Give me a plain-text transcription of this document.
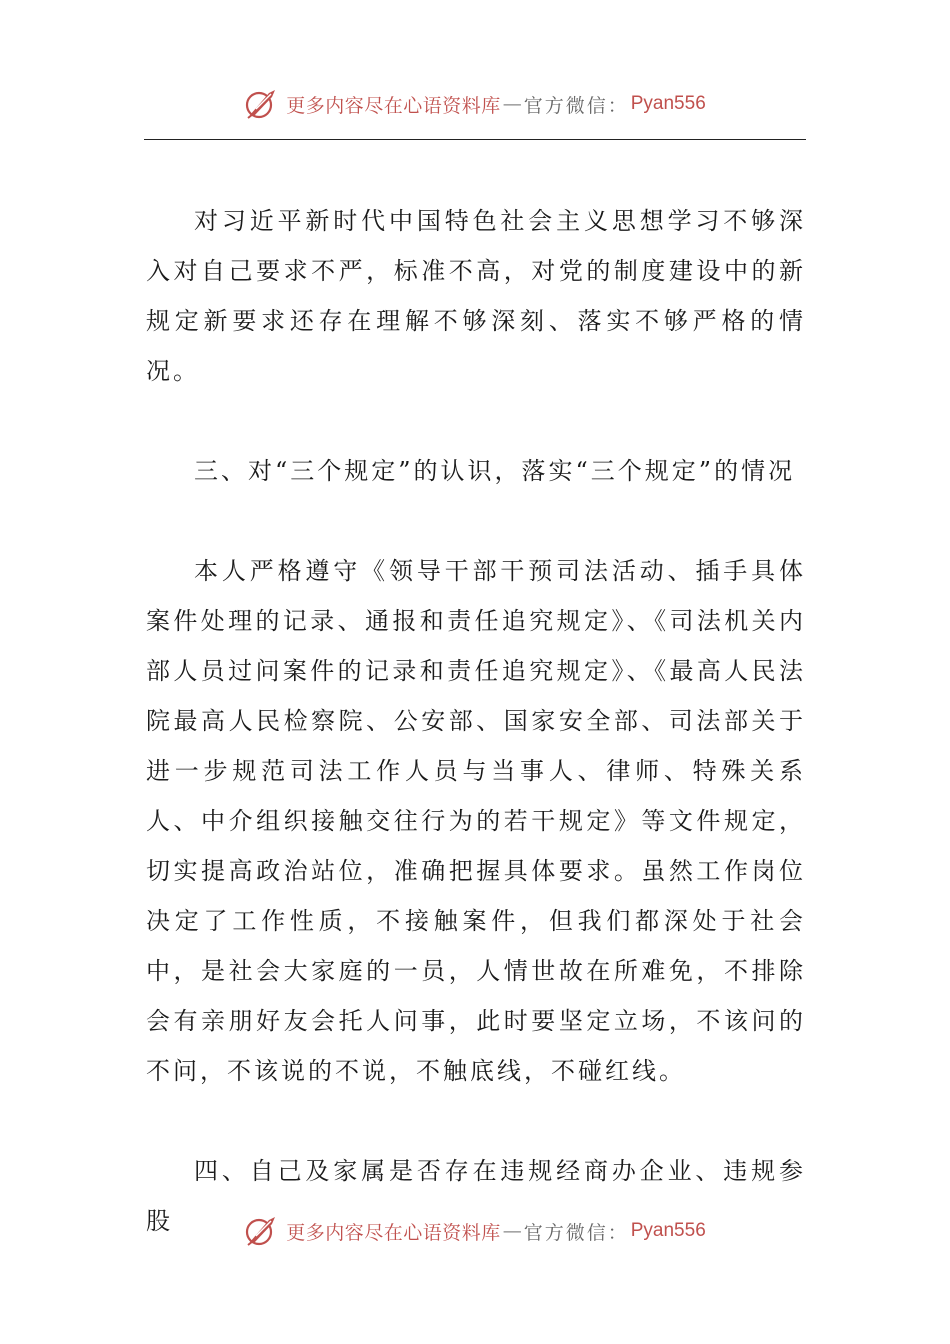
更多内容尽在心语资料库 — 官方微信： Pyan556

对习近平新时代中国特色社会主义思想学习不够深入对自己要求不严，标准不高，对党的制度建设中的新规定新要求还存在理解不够深刻、落实不够严格的情况。

三、对“三个规定”的认识，落实“三个规定”的情况

本人严格遵守《领导干部干预司法活动、插手具体案件处理的记录、通报和责任追究规定》、《司法机关内部人员过问案件的记录和责任追究规定》、《最高人民法院最高人民检察院、公安部、国家安全部、司法部关于进一步规范司法工作人员与当事人、律师、特殊关系人、中介组织接触交往行为的若干规定》等文件规定，切实提高政治站位，准确把握具体要求。虽然工作岗位决定了工作性质，不接触案件，但我们都深处于社会中，是社会大家庭的一员，人情世故在所难免，不排除会有亲朋好友会托人问事，此时要坚定立场，不该问的不问，不该说的不说，不触底线，不碰红线。

四、自己及家属是否存在违规经商办企业、违规参股	更多内容尽在心语资料库 — 官方微信： Pyan556
